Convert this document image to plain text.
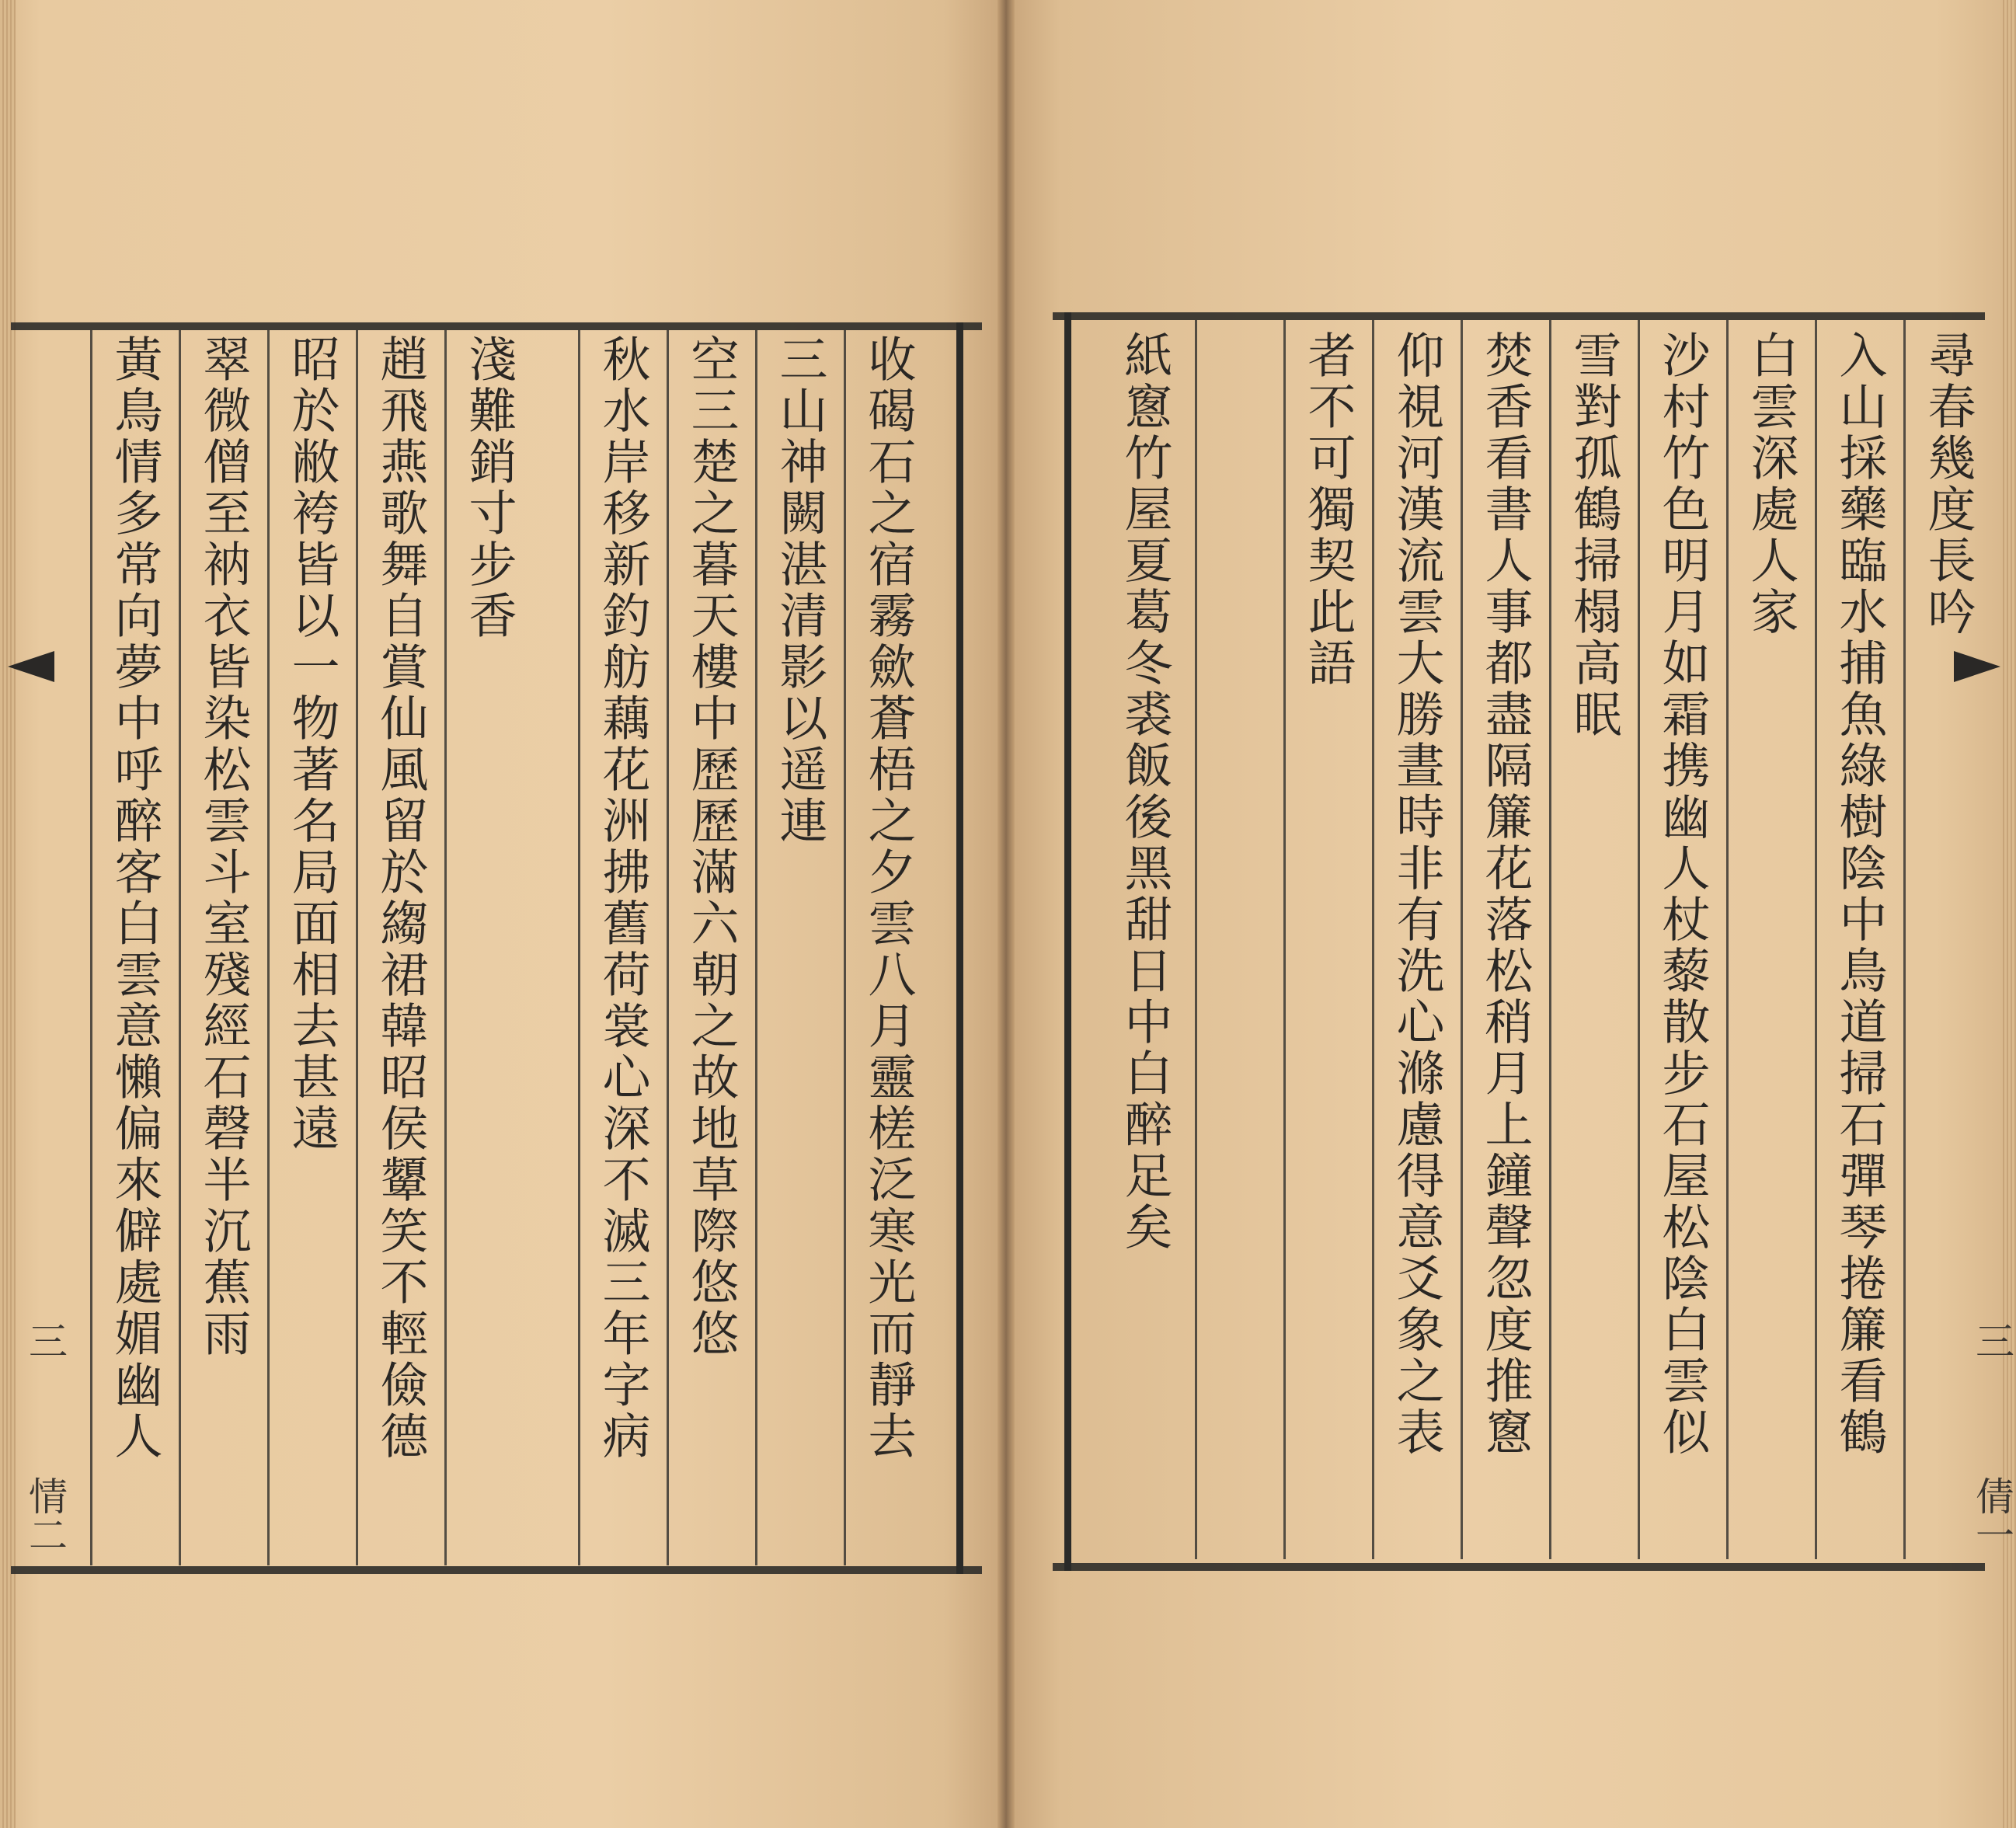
收碣石之宿霧歛蒼梧之夕雲八月靈槎泛寒光而靜去
三山神闕湛清影以遥連
空三楚之暮天樓中歷歷滿六朝之故地草際悠悠
秋水岸移新釣舫藕花洲拂舊荷裳心深不滅三年字病
淺難銷寸步香
趙飛燕歌舞自賞仙風留於縐裙韓昭侯顰笑不輕儉德
昭於敝袴皆以一物著名局面相去甚遠
翠微僧至衲衣皆染松雲斗室殘經石磬半沉蕉雨
黃鳥情多常向夢中呼醉客白雲意懶偏來僻處媚幽人	尋春幾度長吟
入山採藥臨水捕魚綠樹陰中鳥道掃石彈琴捲簾看鶴
白雲深處人家
沙村竹色明月如霜携幽人杖藜散步石屋松陰白雲似
雪對孤鶴掃榻高眠
焚香看書人事都盡隔簾花落松稍月上鐘聲忽度推窻
仰視河漢流雲大勝晝時非有洗心滌慮得意爻象之表
者不可獨契此語
紙窻竹屋夏葛冬裘飯後黑甜日中白醉足矣
三
情二
三
倩一
